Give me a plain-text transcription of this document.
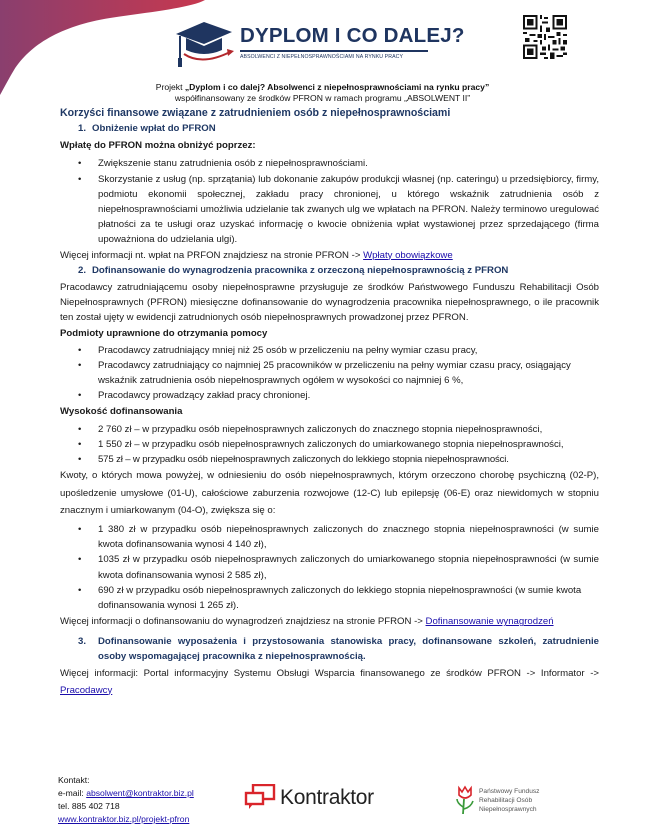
DYPLOM I CO DALEJ?
ABSOLWENCI Z NIEPEŁNOSPRAWNOŚCIAMI NA RYNKU PRACY
Projekt „Dyplom i co dalej? Absolwenci z niepełnosprawnościami na rynku pracy”
współfinansowany ze środków PFRON w ramach programu „ABSOLWENT II”
Korzyści finansowe związane z zatrudnieniem osób z niepełnosprawnościami
1. Obniżenie wpłat do PFRON
Wpłatę do PFRON można obniżyć poprzez:
• Zwiększenie stanu zatrudnienia osób z niepełnosprawnościami.
• Skorzystanie z usług (np. sprzątania) lub dokonanie zakupów produkcji własnej (np. cateringu) u przedsiębiorcy, firmy, podmiotu ekonomii społecznej, zakładu pracy chronionej, u którego wskaźnik zatrudnienia osób z niepełnosprawnościami umożliwia udzielanie tak zwanych ulg we wpłatach na PFRON. Należy terminowo uregulować płatności za te usługi oraz uzyskać informację o kwocie obniżenia wpłat wystawionej przez sprzedającego (firma upoważniona do udzielania ulgi).
Więcej informacji nt. wpłat na PRFON znajdziesz na stronie PFRON -> Wpłaty obowiązkowe
2. Dofinansowanie do wynagrodzenia pracownika z orzeczoną niepełnosprawnością z PFRON
Pracodawcy zatrudniającemu osoby niepełnosprawne przysługuje ze środków Państwowego Funduszu Rehabilitacji Osób Niepełnosprawnych (PFRON) miesięczne dofinansowanie do wynagrodzenia pracownika niepełnosprawnego, o ile pracownik ten został ujęty w ewidencji zatrudnionych osób niepełnosprawnych prowadzonej przez PFRON.
Podmioty uprawnione do otrzymania pomocy
• Pracodawcy zatrudniający mniej niż 25 osób w przeliczeniu na pełny wymiar czasu pracy,
• Pracodawcy zatrudniający co najmniej 25 pracowników w przeliczeniu na pełny wymiar czasu pracy, osiągający wskaźnik zatrudnienia osób niepełnosprawnych ogółem w wysokości co najmniej 6 %,
• Pracodawcy prowadzący zakład pracy chronionej.
Wysokość dofinansowania
• 2 760 zł – w przypadku osób niepełnosprawnych zaliczonych do znacznego stopnia niepełnosprawności,
• 1 550 zł – w przypadku osób niepełnosprawnych zaliczonych do umiarkowanego stopnia niepełnosprawności,
• 575 zł – w przypadku osób niepełnosprawnych zaliczonych do lekkiego stopnia niepełnosprawności.
Kwoty, o których mowa powyżej, w odniesieniu do osób niepełnosprawnych, którym orzeczono chorobę psychiczną (02-P), upośledzenie umysłowe (01-U), całościowe zaburzenia rozwojowe (12-C) lub epilepsję (06-E) oraz niewidomych w stopniu znacznym i umiarkowanym (04-O), zwiększa się o:
• 1 380 zł w przypadku osób niepełnosprawnych zaliczonych do znacznego stopnia niepełnosprawności (w sumie kwota dofinansowania wynosi 4 140 zł),
• 1035 zł w przypadku osób niepełnosprawnych zaliczonych do umiarkowanego stopnia niepełnosprawności (w sumie kwota dofinansowania wynosi 2 585 zł),
• 690 zł w przypadku osób niepełnosprawnych zaliczonych do lekkiego stopnia niepełnosprawności (w sumie kwota dofinansowania wynosi 1 265 zł).
Więcej informacji o dofinansowaniu do wynagrodzeń znajdziesz na stronie PFRON -> Dofinansowanie wynagrodzeń
3.	Dofinansowanie wyposażenia i przystosowania stanowiska pracy, dofinansowane szkoleń, zatrudnienie osoby wspomagającej pracownika z niepełnosprawnością.
Więcej informacji: Portal informacyjny Systemu Obsługi Wsparcia finansowanego ze środków PFRON -> Informator -> Pracodawcy
Kontakt:
e-mail: absolwent@kontraktor.biz.pl
tel. 885 402 718
www.kontraktor.biz.pl/projekt-pfron
Kontraktor	Państwowy Fundusz
Rehabilitacji Osób
Niepełnosprawnych
